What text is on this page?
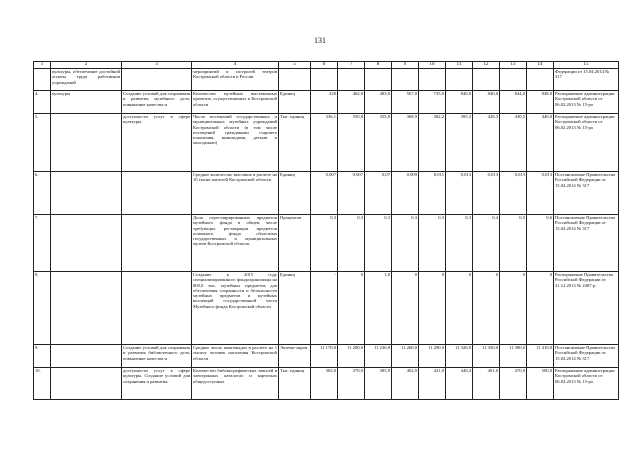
131
1	2	3	4	5	6	7	8	9	10	11	12	13	14	15
	культуры, обеспечение достойной оплаты труда работников учреждений		мероприятий и гастролей театров Костромской области в России											Федерации от 15.04.2014 № 317
4.	культуры	Создание условий для сохранения и развития музейного дела, повышение качества и	Количество музейных выставочных проектов, осуществляемых в Костромской области	Единиц	420	462,0	483,0	567,0	735,0	840,0	840,0	844,0	848,0	Распоряжение администрации Костромской области от 06.02.2013 № 15-ра
5.		доступности услуг в сфере культуры.	Число посещений государственных и муниципальных музейных учреждений Костромской области (в том числе посещений гражданами старшего поколения, инвалидами, детьми и молодежью)	Тыс. единиц	336,1	350,8	355,8	368,9	382,2	395,3	428,3	430,5	440,0	Распоряжение администрации Костромской области от 06.02.2013 № 15-ра
6.			Среднее количество выставок в расчете на 10 тысяч жителей Костромской области	Единиц	0,007	0,007	0,07	0,009	0,011	0,013	0,013	0,013	0,013	Постановление Правительства Российской Федерации от 15.04.2014 № 317
7.			Доля отреставрированных предметов музейного фонда в общем числе требующих реставрации предметов основного фонда областных государственных и муниципальных музеев Костромской области	Процентов	0,3	0,3	0,3	0,3	0,3	0,3	0,4	0,5	0,6	Постановление Правительства Российской Федерации от 15.04.2014 № 317
8.			Создание к 2015 году специализированного фондохранилища на 800,0 тыс. музейных предметов для обеспечения сохранности и безопасности музейных предметов и музейных коллекций государственной части Музейного фонда Костромской области	Единиц	-	0	1,0	0	0	0	0	0	0	Распоряжение Правительства Российской Федерации от 21.12.2013 № 2487-р
9.		Создание условий для сохранения и развития библиотечного дела, повышение качества и	Среднее число книговыдач в расчете на 1 тысячу человек населения Костромской области	Экземп-ляров	11 170,0	11 200,0	11 230,0	11 260,0	11 290,0	11 320,0	11 350,0	11 380,0	11 410,0	Постановление Правительства Российской Федерации от 15.04.2014 № 317
10.		доступности услуг в сфере культуры. Создание условий для сохранения и развития	Количество библиографических записей в электронных каталогах и карточках общедоступных	Тыс. единиц	365,0	370,0	385,9	402,9	421,0	440,4	461,0	470,0	500,0	Распоряжение администрации Костромской области от 06.02.2013 № 15-ра
